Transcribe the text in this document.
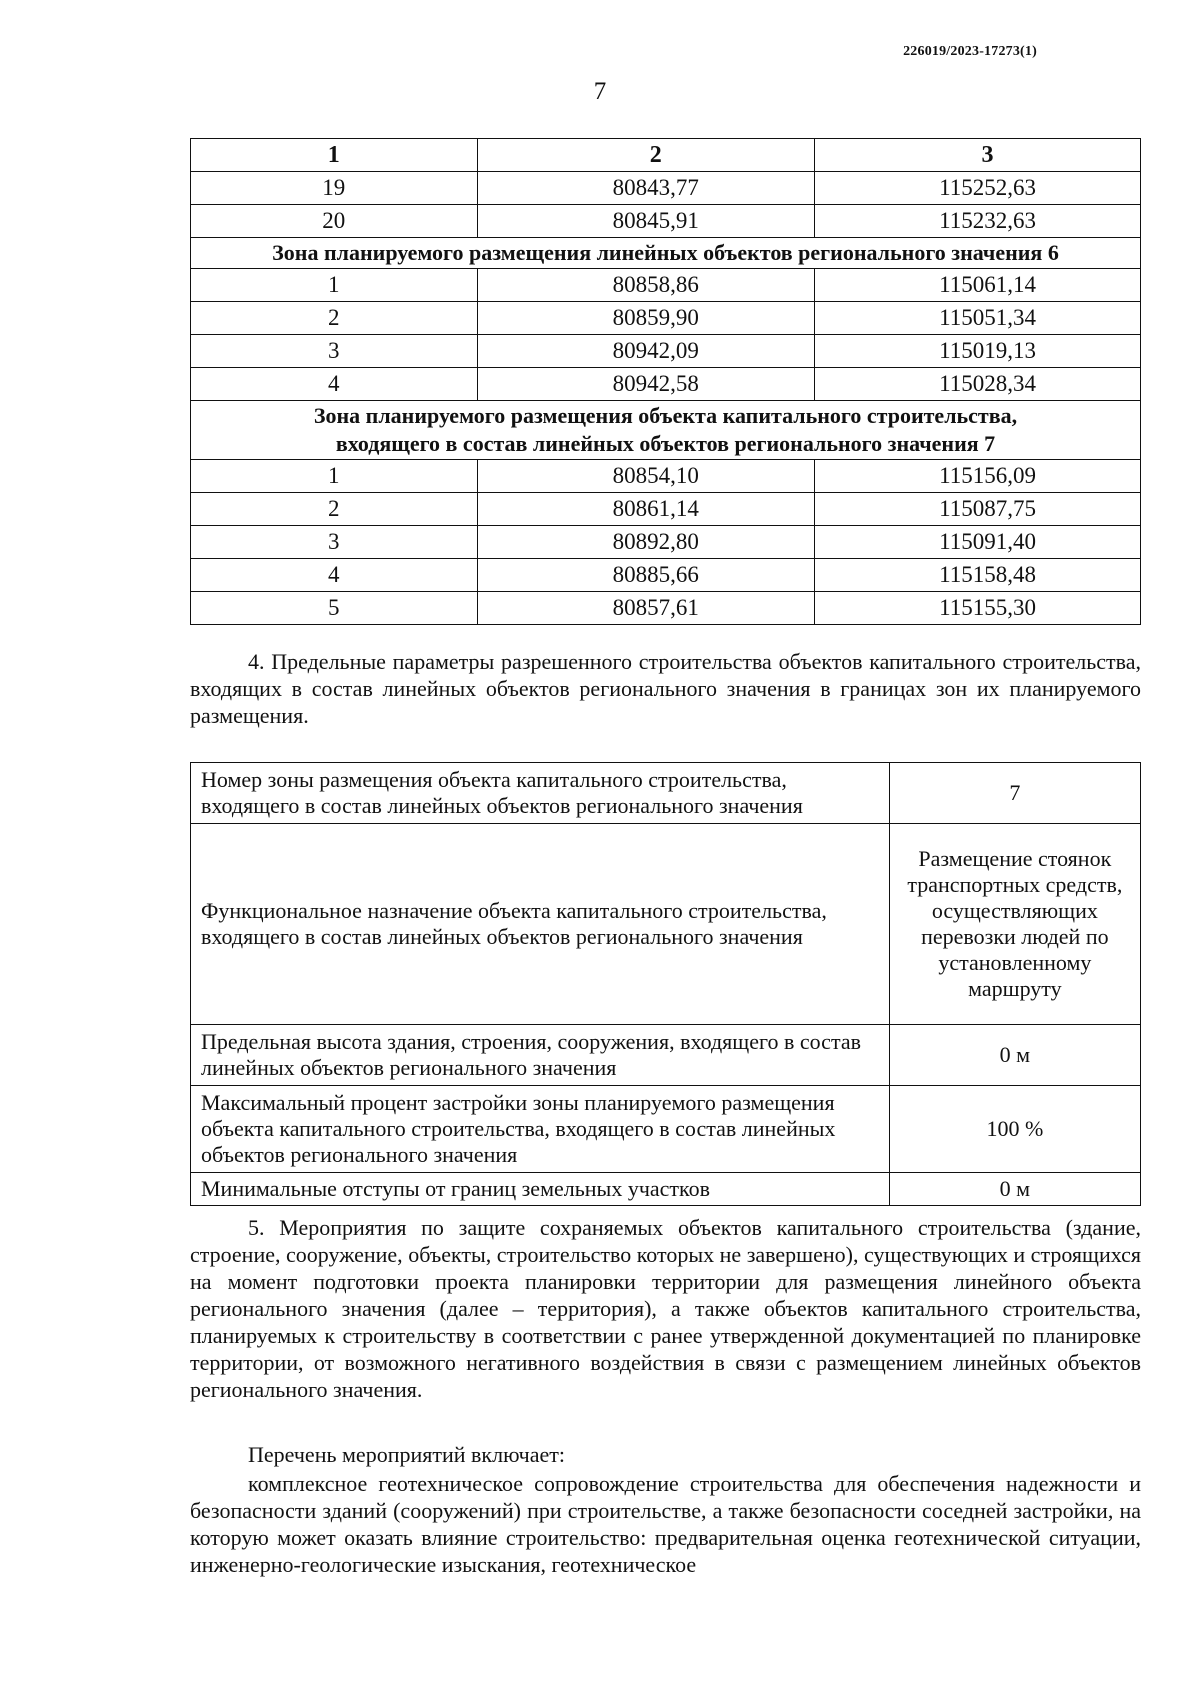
226019/2023-17273(1)
7
1	2	3
19	80843,77	115252,63
20	80845,91	115232,63
Зона планируемого размещения линейных объектов регионального значения 6		
1	80858,86	115061,14
2	80859,90	115051,34
3	80942,09	115019,13
4	80942,58	115028,34

Зона планируемого размещения объекта капитального строительства,
входящего в состав линейных объектов регионального значения 7		

1	80854,10	115156,09
2	80861,14	115087,75
3	80892,80	115091,40
4	80885,66	115158,48
5	80857,61	115155,30
4. Предельные параметры разрешенного строительства объектов капитального строительства, входящих в состав линейных объектов регионального значения в границах зон их планируемого размещения.
Номер зоны размещения объекта капитального строительства, входящего в состав линейных объектов регионального значения	7
Функциональное назначение объекта капитального строительства, входящего в состав линейных объектов регионального значения	Размещение стоянок транспортных средств, осуществляющих перевозки людей по установленному маршруту
Предельная высота здания, строения, сооружения, входящего в состав линейных объектов регионального значения	0 м
Максимальный процент застройки зоны планируемого размещения объекта капитального строительства, входящего в состав линейных объектов регионального значения	100 %
Минимальные отступы от границ земельных участков	0 м
5. Мероприятия по защите сохраняемых объектов капитального строительства (здание, строение, сооружение, объекты, строительство которых не завершено), существующих и строящихся на момент подготовки проекта планировки территории для размещения линейного объекта регионального значения (далее – территория), а также объектов капитального строительства, планируемых к строительству в соответствии с ранее утвержденной документацией по планировке территории, от возможного негативного воздействия в связи с размещением линейных объектов регионального значения.
Перечень мероприятий включает:
комплексное геотехническое сопровождение строительства для обеспечения надежности и безопасности зданий (сооружений) при строительстве, а также безопасности соседней застройки, на которую может оказать влияние строительство: предварительная оценка геотехнической ситуации, инженерно-геологические изыскания, геотехническое
